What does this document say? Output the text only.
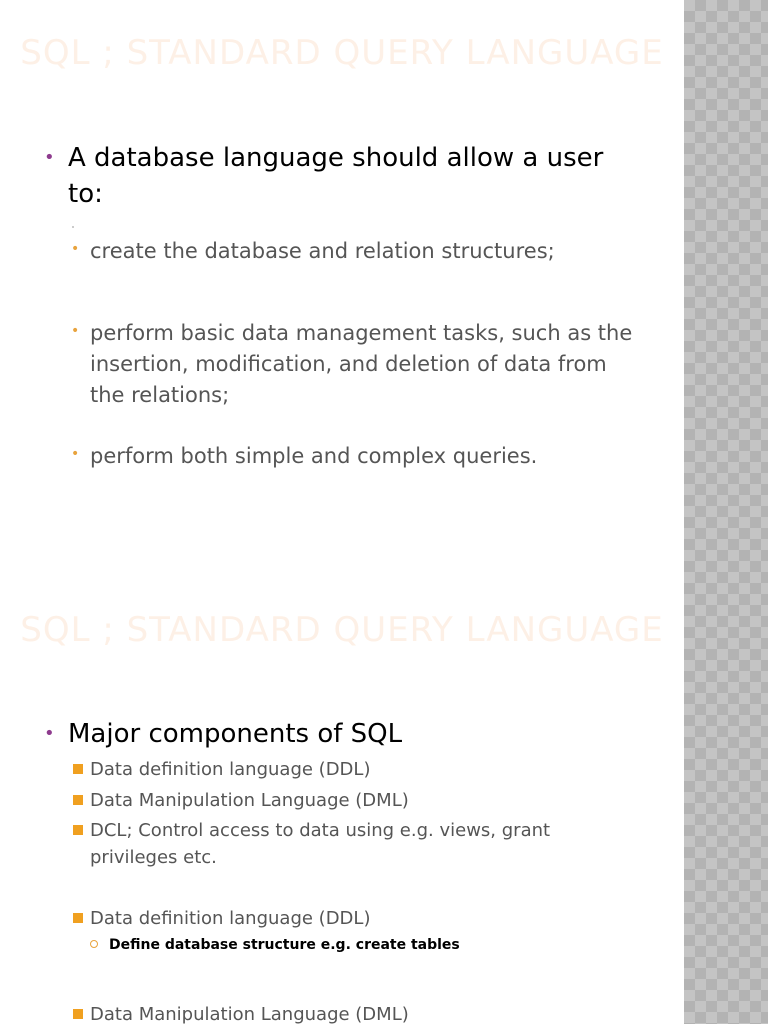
SQL ; STANDARD QUERY LANGUAGE
• A database language should allow a user to:
• create the database and relation structures;
• perform basic data management tasks, such as the insertion, modification, and deletion of data from the relations;
• perform both simple and complex queries.
SQL ; STANDARD QUERY LANGUAGE
• Major components of SQL
Data definition language (DDL)
Data Manipulation Language (DML)
DCL; Control access to data using e.g. views, grant privileges etc.
Data definition language (DDL)
Define database structure e.g. create tables
Data Manipulation Language (DML)
